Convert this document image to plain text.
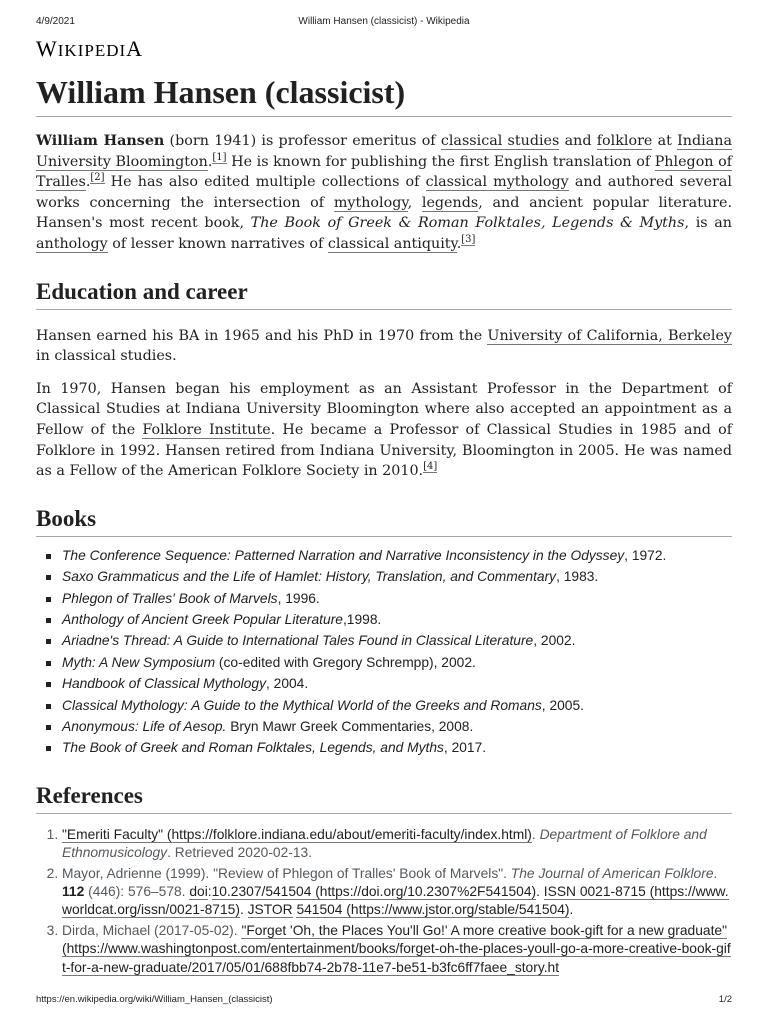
4/9/2021	William Hansen (classicist) - Wikipedia
WIKIPEDIA
William Hansen (classicist)

William Hansen (born 1941) is professor emeritus of classical studies and folklore at Indiana University Bloomington.[1] He is known for publishing the first English translation of Phlegon of Tralles.[2] He has also edited multiple collections of classical mythology and authored several works concerning the intersection of mythology, legends, and ancient popular literature. Hansen's most recent book, The Book of Greek & Roman Folktales, Legends & Myths, is an anthology of lesser known narratives of classical antiquity.[3]

Education and career

Hansen earned his BA in 1965 and his PhD in 1970 from the University of California, Berkeley in classical studies.

In 1970, Hansen began his employment as an Assistant Professor in the Department of Classical Studies at Indiana University Bloomington where also accepted an appointment as a Fellow of the Folklore Institute. He became a Professor of Classical Studies in 1985 and of Folklore in 1992. Hansen retired from Indiana University, Bloomington in 2005. He was named as a Fellow of the American Folklore Society in 2010.[4]

Books
The Conference Sequence: Patterned Narration and Narrative Inconsistency in the Odyssey, 1972.
Saxo Grammaticus and the Life of Hamlet: History, Translation, and Commentary, 1983.
Phlegon of Tralles' Book of Marvels, 1996.
Anthology of Ancient Greek Popular Literature,1998.
Ariadne's Thread: A Guide to International Tales Found in Classical Literature, 2002.
Myth: A New Symposium (co-edited with Gregory Schrempp), 2002.
Handbook of Classical Mythology, 2004.
Classical Mythology: A Guide to the Mythical World of the Greeks and Romans, 2005.
Anonymous: Life of Aesop. Bryn Mawr Greek Commentaries, 2008.
The Book of Greek and Roman Folktales, Legends, and Myths, 2017.
References
1. "Emeriti Faculty" (https://folklore.indiana.edu/about/emeriti-faculty/index.html). Department of Folklore and Ethnomusicology. Retrieved 2020-02-13.
2. Mayor, Adrienne (1999). "Review of Phlegon of Tralles' Book of Marvels". The Journal of American Folklore. 112 (446): 576–578. doi:10.2307/541504 (https://doi.org/10.2307%2F541504). ISSN 0021-8715 (https://www.worldcat.org/issn/0021-8715). JSTOR 541504 (https://www.jstor.org/stable/541504).
3. Dirda, Michael (2017-05-02). "Forget 'Oh, the Places You'll Go!' A more creative book-gift for a new graduate" (https://www.washingtonpost.com/entertainment/books/forget-oh-the-places-youll-go-a-more-creative-book-gift-for-a-new-graduate/2017/05/01/688fbb74-2b78-11e7-be51-b3fc6ff7faee_story.ht
https://en.wikipedia.org/wiki/William_Hansen_(classicist)	1/2
